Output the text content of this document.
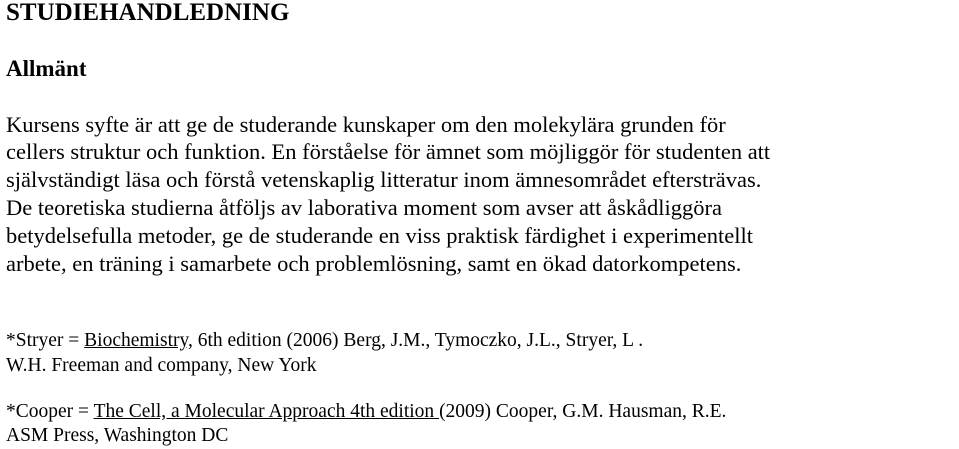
STUDIEHANDLEDNING
Allmänt

Kursens syfte är att ge de studerande kunskaper om den molekylära grunden för

cellers struktur och funktion. En förståelse för ämnet som möjliggör för studenten att

självständigt läsa och förstå vetenskaplig litteratur inom ämnesområdet eftersträvas.

De teoretiska studierna åtföljs av laborativa moment som avser att åskådliggöra

betydelsefulla metoder, ge de studerande en viss praktisk färdighet i experimentellt

arbete, en träning i samarbete och problemlösning, samt en ökad datorkompetens.

*Stryer = Biochemistry, 6th edition (2006) Berg, J.M., Tymoczko, J.L., Stryer, L .

W.H. Freeman and company, New York

*Cooper = The Cell, a Molecular Approach 4th edition (2009) Cooper, G.M. Hausman, R.E.

ASM Press, Washington DC
